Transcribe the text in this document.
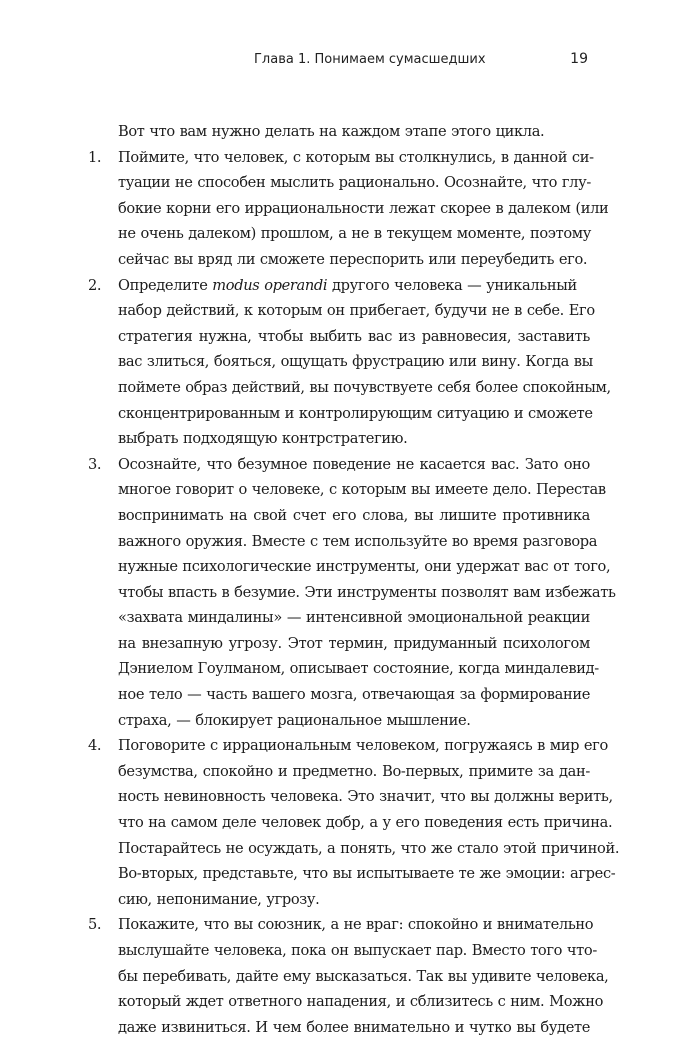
Глава 1. Понимаем сумасшедших	19

Вот что вам нужно делать на каждом этапе этого цикла.

1. Поймите, что человек, с которым вы столкнулись, в данной си-
туации не способен мыслить рационально. Осознайте, что глу-
бокие корни его иррациональности лежат скорее в далеком (или
не очень далеком) прошлом, а не в текущем моменте, поэтому
сейчас вы вряд ли сможете переспорить или переубедить его.
2. Определите modus operandi другого человека — уникальный
набор действий, к которым он прибегает, будучи не в себе. Его
стратегия нужна, чтобы выбить вас из равновесия, заставить
вас злиться, бояться, ощущать фрустрацию или вину. Когда вы
поймете образ действий, вы почувствуете себя более спокойным,
сконцентрированным и контролирующим ситуацию и сможете
выбрать подходящую контрстратегию.
3. Осознайте, что безумное поведение не касается вас. Зато оно
многое говорит о человеке, с которым вы имеете дело. Перестав
воспринимать на свой счет его слова, вы лишите противника
важного оружия. Вместе с тем используйте во время разговора
нужные психологические инструменты, они удержат вас от того,
чтобы впасть в безумие. Эти инструменты позволят вам избежать
«захвата миндалины» — интенсивной эмоциональной реакции
на внезапную угрозу. Этот термин, придуманный психологом
Дэниелом Гоулманом, описывает состояние, когда миндалевид-
ное тело — часть вашего мозга, отвечающая за формирование
страха, — блокирует рациональное мышление.
4. Поговорите с иррациональным человеком, погружаясь в мир его
безумства, спокойно и предметно. Во-первых, примите за дан-
ность невиновность человека. Это значит, что вы должны верить,
что на самом деле человек добр, а у его поведения есть причина.
Постарайтесь не осуждать, а понять, что же стало этой причиной.
Во-вторых, представьте, что вы испытываете те же эмоции: агрес-
сию, непонимание, угрозу.
5. Покажите, что вы союзник, а не враг: спокойно и внимательно
выслушайте человека, пока он выпускает пар. Вместо того что-
бы перебивать, дайте ему высказаться. Так вы удивите человека,
который ждет ответного нападения, и сблизитесь с ним. Можно
даже извиниться. И чем более внимательно и чутко вы будете
